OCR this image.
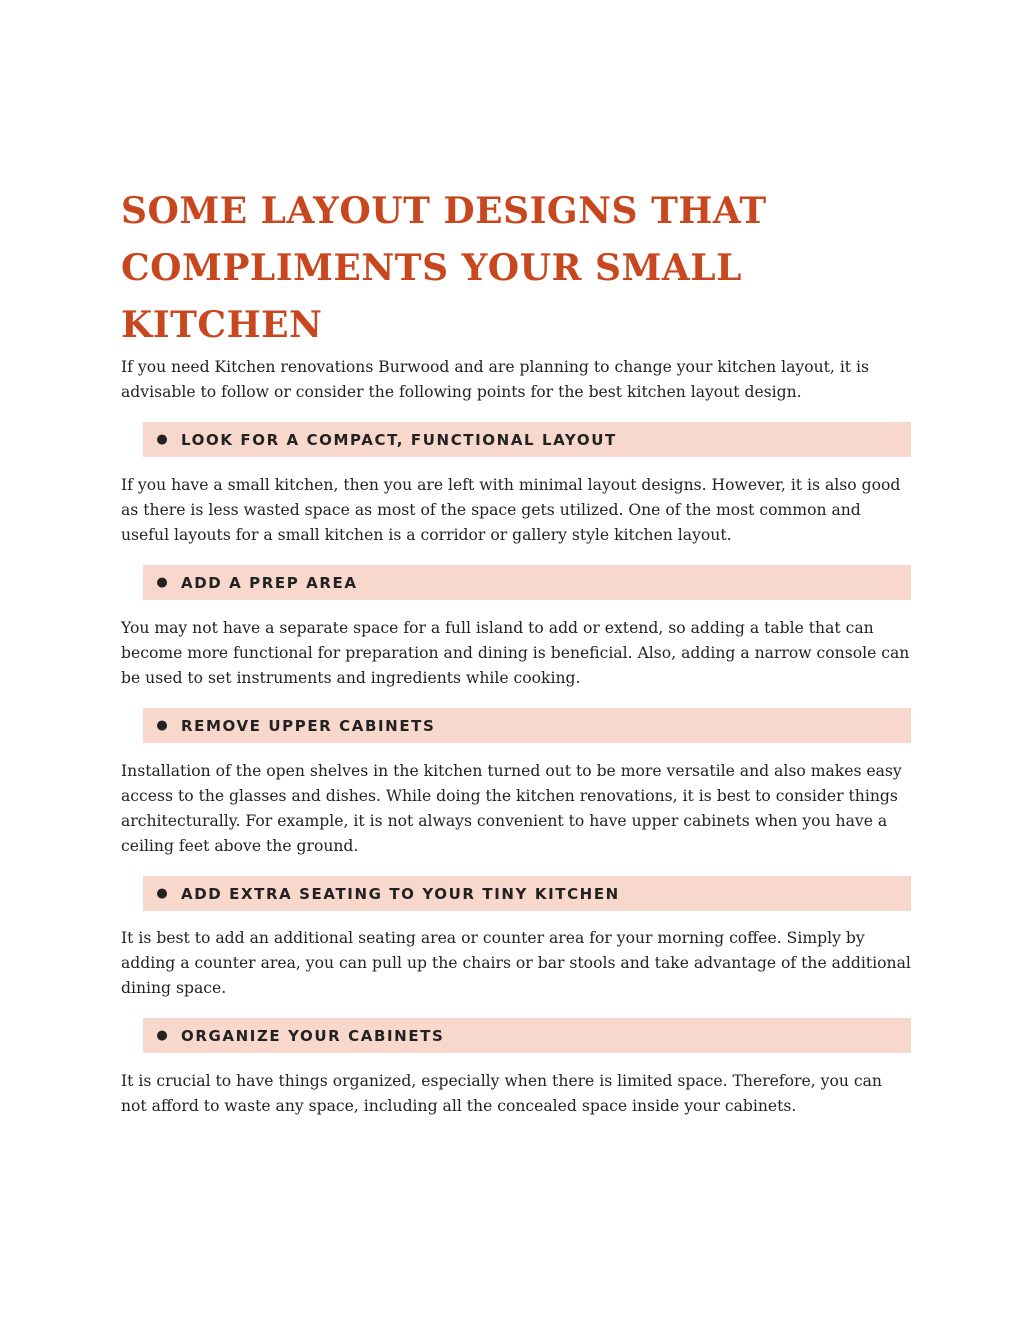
SOME LAYOUT DESIGNS THAT
COMPLIMENTS YOUR SMALL KITCHEN

If you need Kitchen renovations Burwood and are planning to change your kitchen layout, it is advisable to follow or consider the following points for the best kitchen layout design.

● LOOK FOR A COMPACT, FUNCTIONAL LAYOUT

If you have a small kitchen, then you are left with minimal layout designs. However, it is also good as there is less wasted space as most of the space gets utilized. One of the most common and useful layouts for a small kitchen is a corridor or gallery style kitchen layout.

● ADD A PREP AREA

You may not have a separate space for a full island to add or extend, so adding a table that can become more functional for preparation and dining is beneficial. Also, adding a narrow console can be used to set instruments and ingredients while cooking.

● REMOVE UPPER CABINETS

Installation of the open shelves in the kitchen turned out to be more versatile and also makes easy access to the glasses and dishes. While doing the kitchen renovations, it is best to consider things architecturally. For example, it is not always convenient to have upper cabinets when you have a ceiling feet above the ground.

● ADD EXTRA SEATING TO YOUR TINY KITCHEN

It is best to add an additional seating area or counter area for your morning coffee. Simply by adding a counter area, you can pull up the chairs or bar stools and take advantage of the additional dining space.

● ORGANIZE YOUR CABINETS

It is crucial to have things organized, especially when there is limited space. Therefore, you can not afford to waste any space, including all the concealed space inside your cabinets.
